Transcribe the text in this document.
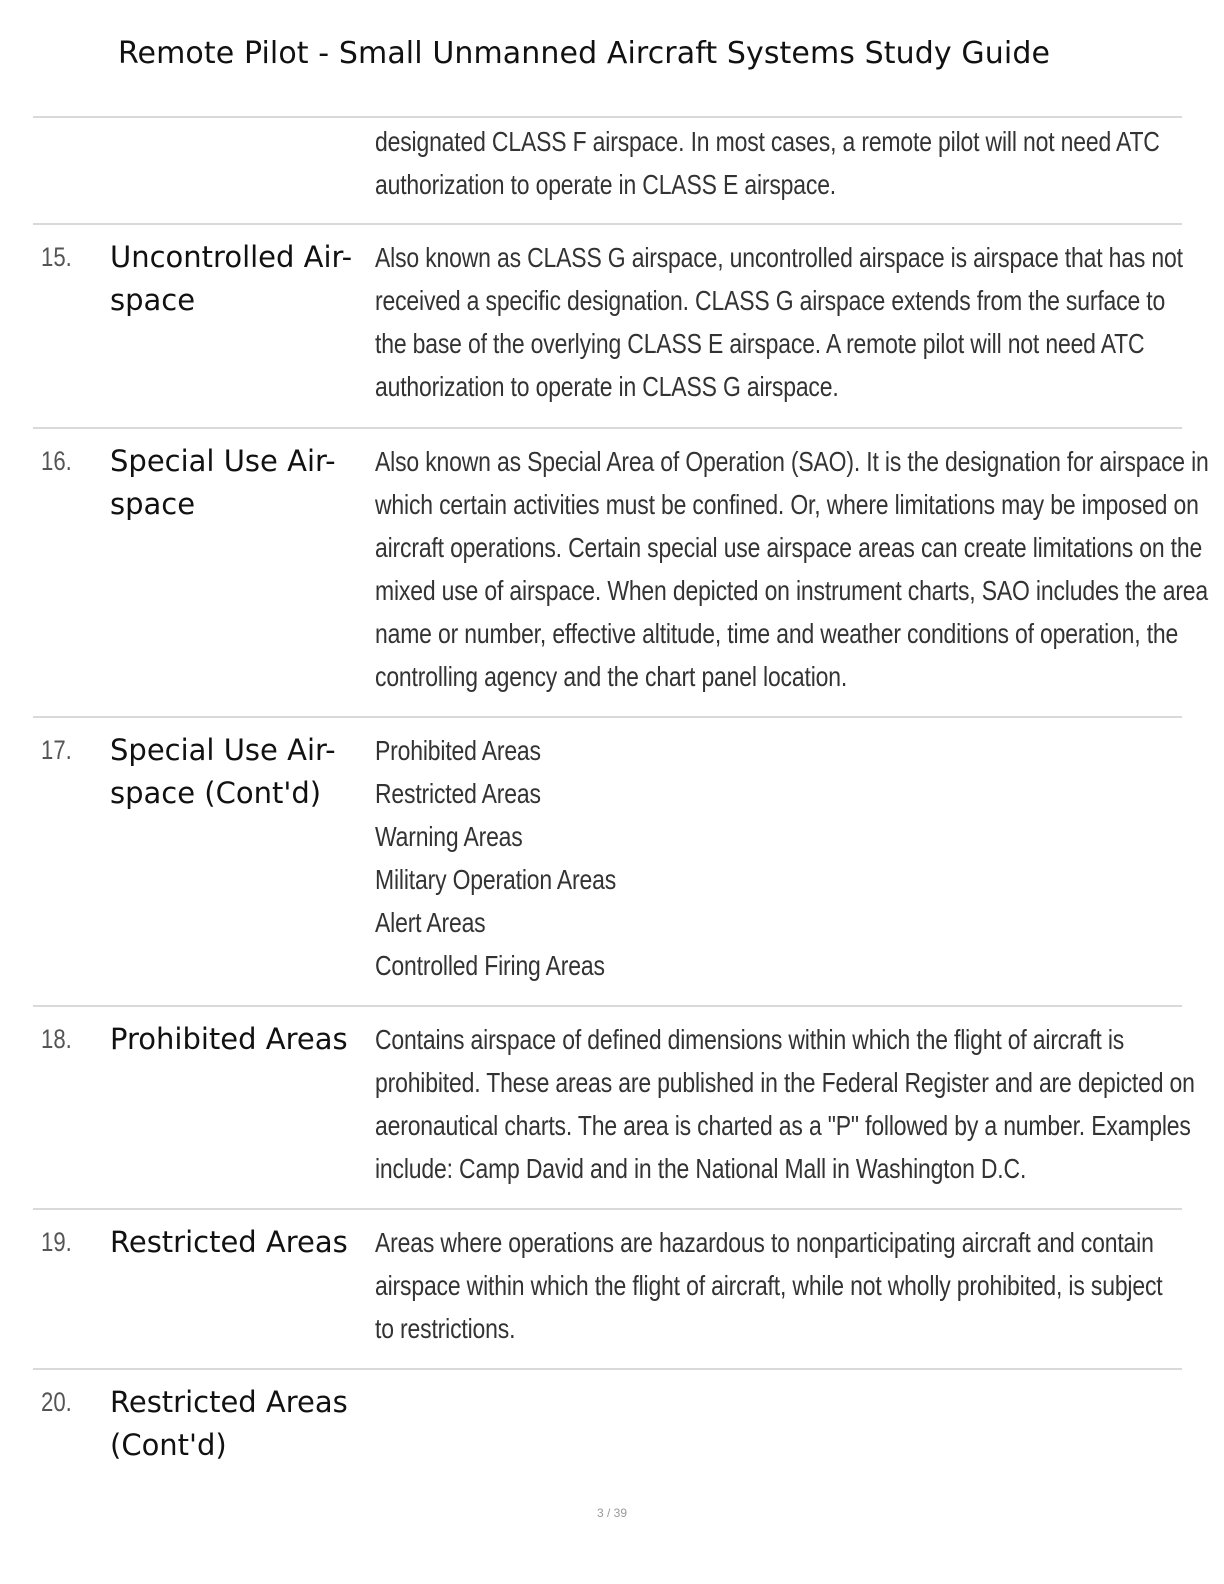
Remote Pilot - Small Unmanned Aircraft Systems Study Guide
designated CLASS F airspace. In most cases, a remote pilot will not need ATC
authorization to operate in CLASS E airspace.
15. Uncontrolled Air-
space
Also known as CLASS G airspace, uncontrolled airspace is airspace that has not
received a specific designation. CLASS G airspace extends from the surface to
the base of the overlying CLASS E airspace. A remote pilot will not need ATC
authorization to operate in CLASS G airspace.
16. Special Use Air-
space
Also known as Special Area of Operation (SAO). It is the designation for airspace in
which certain activities must be confined. Or, where limitations may be imposed on
aircraft operations. Certain special use airspace areas can create limitations on the
mixed use of airspace. When depicted on instrument charts, SAO includes the area
name or number, effective altitude, time and weather conditions of operation, the
controlling agency and the chart panel location.
17. Special Use Air-
space (Cont'd)
Prohibited Areas
Restricted Areas
Warning Areas
Military Operation Areas
Alert Areas
Controlled Firing Areas
18. Prohibited Areas Contains airspace of defined dimensions within which the flight of aircraft is
prohibited. These areas are published in the Federal Register and are depicted on
aeronautical charts. The area is charted as a "P" followed by a number. Examples
include: Camp David and in the National Mall in Washington D.C.
19. Restricted Areas Areas where operations are hazardous to nonparticipating aircraft and contain
airspace within which the flight of aircraft, while not wholly prohibited, is subject
to restrictions.
20. Restricted Areas
(Cont'd)
3 / 39
